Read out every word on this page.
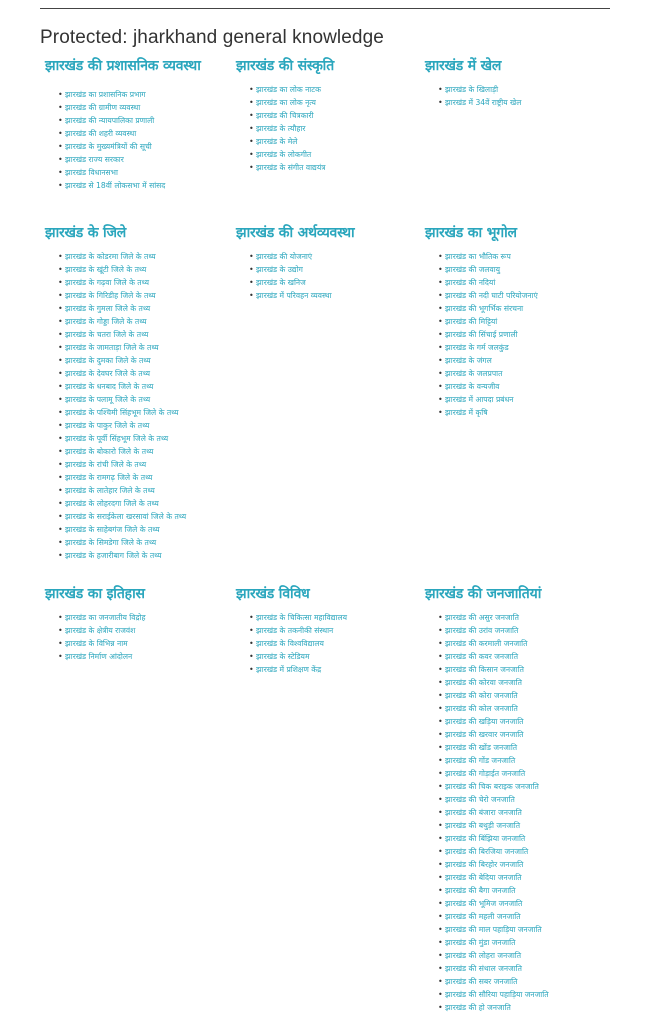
Protected: jharkhand general knowledge
झारखंड की प्रशासनिक व्यवस्था
• झारखंड का प्रशासनिक प्रभाग
• झारखंड की ग्रामीण व्यवस्था
• झारखंड की न्यायपालिका प्रणाली
• झारखंड की शहरी व्यवस्था
• झारखंड के मुख्यमंत्रियों की सूची
• झारखंड राज्य सरकार
• झारखंड विधानसभा
• झारखंड से 18वीं लोकसभा में सांसद
झारखंड की संस्कृति
• झारखंड का लोक नाटक
• झारखंड का लोक नृत्य
• झारखंड की चित्रकारी
• झारखंड के त्यौहार
• झारखंड के मेले
• झारखंड के लोकगीत
• झारखंड के संगीत वाद्ययंत्र
झारखंड में खेल
• झारखंड के खिलाड़ी
• झारखंड में 34वें राष्ट्रीय खेल
झारखंड के जिले
• झारखंड के कोडरमा जिले के तथ्य
• झारखंड के खूंटी जिले के तथ्य
• झारखंड के गढ़वा जिले के तथ्य
• झारखंड के गिरिडीह जिले के तथ्य
• झारखंड के गुमला जिले के तथ्य
• झारखंड के गोड्डा जिले के तथ्य
• झारखंड के चतरा जिले के तथ्य
• झारखंड के जामताड़ा जिले के तथ्य
• झारखंड के दुमका जिले के तथ्य
• झारखंड के देवघर जिले के तथ्य
• झारखंड के धनबाद जिले के तथ्य
• झारखंड के पलामू जिले के तथ्य
• झारखंड के पश्चिमी सिंहभूम जिले के तथ्य
• झारखंड के पाकुर जिले के तथ्य
• झारखंड के पूर्वी सिंहभूम जिले के तथ्य
• झारखंड के बोकारो जिले के तथ्य
• झारखंड के रांची जिले के तथ्य
• झारखंड के रामगढ़ जिले के तथ्य
• झारखंड के लातेहार जिले के तथ्य
• झारखंड के लोहरदगा जिले के तथ्य
• झारखंड के सराईकेला खरसावां जिले के तथ्य
• झारखंड के साहेबगंज जिले के तथ्य
• झारखंड के सिमडेगा जिले के तथ्य
• झारखंड के हजारीबाग जिले के तथ्य
झारखंड की अर्थव्यवस्था
• झारखंड की योजनाएं
• झारखंड के उद्योग
• झारखंड के खनिज
• झारखंड में परिवहन व्यवस्था
झारखंड का भूगोल
• झारखंड का भौतिक रूप
• झारखंड की जलवायु
• झारखंड की नदियां
• झारखंड की नदी घाटी परियोजनाएं
• झारखंड की भूगर्भिक संरचना
• झारखंड की मिट्टियां
• झारखंड की सिंचाई प्रणाली
• झारखंड के गर्म जलकुंड
• झारखंड के जंगल
• झारखंड के जलप्रपात
• झारखंड के वन्यजीव
• झारखंड में आपदा प्रबंधन
• झारखंड में कृषि
झारखंड का इतिहास
• झारखंड का जनजातीय विद्रोह
• झारखंड के क्षेत्रीय राजवंश
• झारखंड के विभिन्न नाम
• झारखंड निर्माण आंदोलन
झारखंड विविध
• झारखंड के चिकित्सा महाविद्यालय
• झारखंड के तकनीकी संस्थान
• झारखंड के विश्वविद्यालय
• झारखंड के स्टेडियम
• झारखंड में प्रशिक्षण केंद्र
झारखंड की जनजातियां
• झारखंड की असुर जनजाति
• झारखंड की उरांव जनजाति
• झारखंड की करमाली जनजाति
• झारखंड की कवर जनजाति
• झारखंड की किसान जनजाति
• झारखंड की कोरवा जनजाति
• झारखंड की कोरा जनजाति
• झारखंड की कोल जनजाति
• झारखंड की खड़िया जनजाति
• झारखंड की खरवार जनजाति
• झारखंड की खोंड जनजाति
• झारखंड की गोंड जनजाति
• झारखंड की गोड़ाईत जनजाति
• झारखंड की चिक बराइक जनजाति
• झारखंड की चेरो जनजाति
• झारखंड की बंजारा जनजाति
• झारखंड की बथुड़ी जनजाति
• झारखंड की बिंझिया जनजाति
• झारखंड की बिरजिया जनजाति
• झारखंड की बिरहोर जनजाति
• झारखंड की बेदिया जनजाति
• झारखंड की बैगा जनजाति
• झारखंड की भूमिज जनजाति
• झारखंड की महली जनजाति
• झारखंड की माल पहाड़िया जनजाति
• झारखंड की मुंडा जनजाति
• झारखंड की लोहरा जनजाति
• झारखंड की संथाल जनजाति
• झारखंड की सबर जनजाति
• झारखंड की सौरिया पहाड़िया जनजाति
• झारखंड की हो जनजाति
